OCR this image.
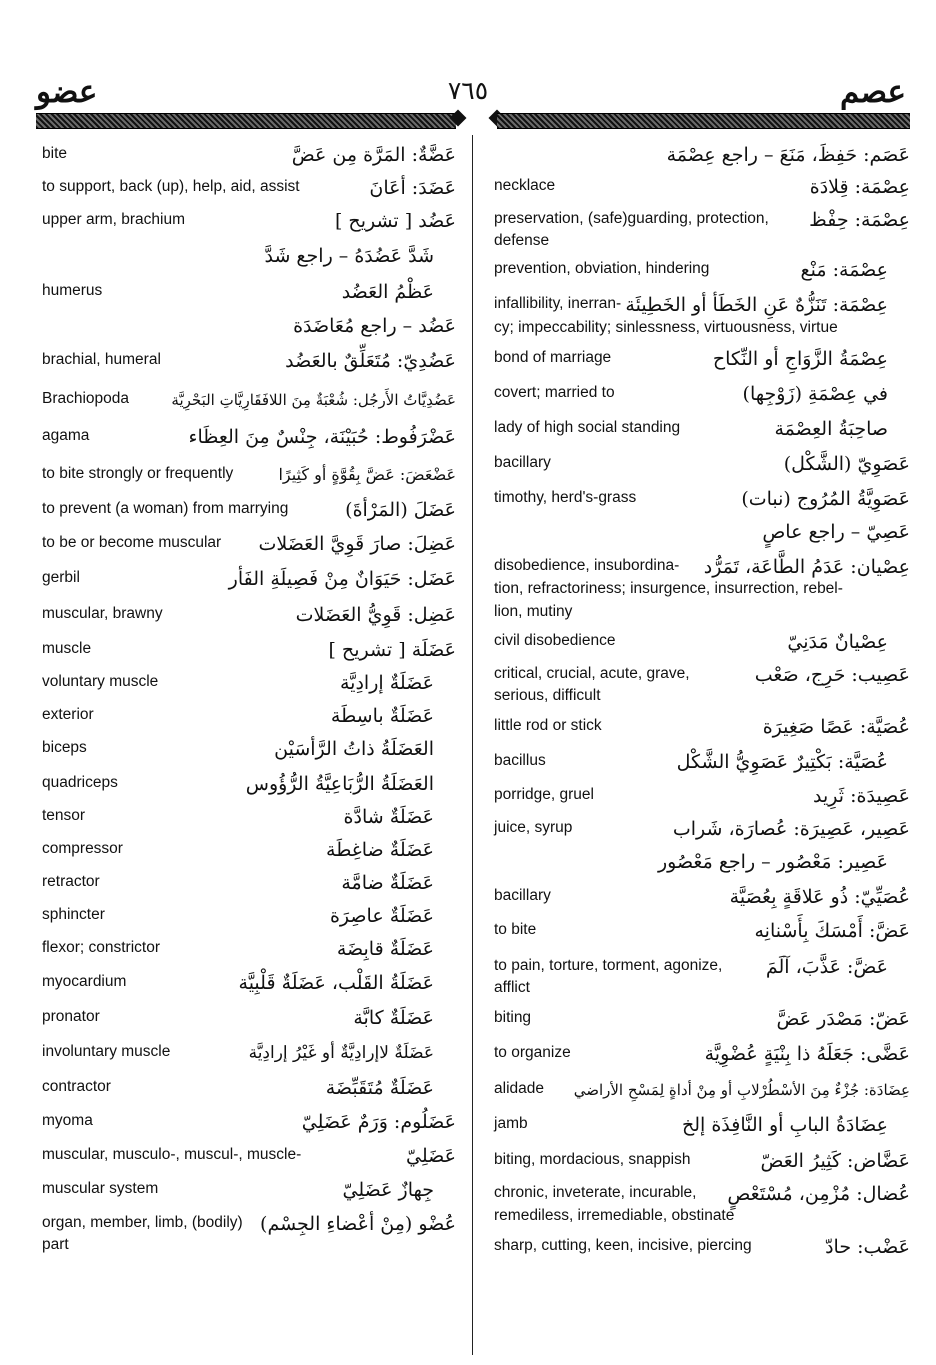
عضو	٧٦٥	عصم
bite	عَضَّةٌ: المَرَّة مِن عَضَّ
to support, back (up), help, aid, assist	عَضَدَ: أعَانَ
upper arm, brachium	عَضُد [ تشريح ]
شَدَّ عَضُدَهُ – راجع شَدَّ
humerus	عَظْمُ العَضُد
عَضُد – راجع مُعَاضَدَة
brachial, humeral	عَضُدِيّ: مُتَعَلِّقٌ بالعَضُد
Brachiopoda	عَضُدِيَّاتُ الأَرجُل: شُعْبَةٌ مِنَ اللافَقَارِيَّاتِ البَحْرِيَّة
agama	عَضْرَفُوط: حُبَيْنَة، جِنْسٌ مِنَ العِظَاء
to bite strongly or frequently	عَضْعَضَ: عَضَّ بِقُوَّةٍ أو كَثِيرًا
to prevent (a woman) from marrying	عَضَلَ (المَرْأةَ)
to be or become muscular عَضِلَ: صارَ قَوِيَّ العَضَلات
gerbil	عَضَل: حَيَوَانٌ مِنْ فَصِيلَةِ الفَأر
muscular, brawny	عَضِل: قَوِيُّ العَضَلات
muscle	عَضَلَة [ تشريح ]
voluntary muscle	عَضَلَةٌ إرادِيَّة
exterior	عَضَلَةٌ باسِطَة
biceps	العَضَلَةُ ذاتُ الرَّأسَيْن
quadriceps	العَضَلَةُ الرُّبَاعِيَّةُ الرُّؤُوس
tensor	عَضَلَةٌ شادَّة
compressor	عَضَلَةٌ ضاغِطَة
retractor	عَضَلَةٌ ضامَّة
sphincter	عَضَلَةٌ عاصِرَة
flexor; constrictor	عَضَلَةٌ قابِضَة
myocardium	عَضَلَةُ القَلْب، عَضَلَةٌ قَلْبِيَّة
pronator	عَضَلَةٌ كابَّة
involuntary muscle	عَضَلَةٌ لاإرادِيَّةٌ أو غَيْرُ إرادِيَّة
contractor	عَضَلَةٌ مُتَقَبِّضَة
myoma	عَضَلُوم: وَرَمٌ عَضَلِيّ
muscular, musculo-, muscul-, muscle-	عَضَلِيّ
muscular system	جِهازٌ عَضَلِيّ
organ, member, limb, (bodily)
part
عُضْو (مِنْ أعْضاءِ الجِسْم)
عَصَم: حَفِظَ، مَنَعَ – راجع عِصْمَة
necklace	عِصْمَة: قِلادَة
preservation, (safe)guarding, protection,
defense
عِصْمَة: حِفْظ
prevention, obviation, hindering	عِصْمَة: مَنْع
infallibility, inerran-
cy; impeccability; sinlessness, virtuousness, virtue
عِصْمَة: تَنَزُّهٌ عَنِ الخَطَأ أو الخَطِيئَة
bond of marriage	عِصْمَةُ الزَّوَاجِ أو النِّكاح
covert; married to	في عِصْمَةِ (زَوْجِها)
lady of high social standing	صاحِبَةُ العِصْمَة
bacillary	عَصَوِيّ (الشَّكْل)
timothy, herd's-grass	عَصَوِيَّةُ المُرُوج (نبات)
عَصِيّ – راجع عاصٍ
disobedience, insubordina-
tion, refractoriness; insurgence, insurrection, rebel-
lion, mutiny
عِصْيان: عَدَمُ الطَّاعَة، تَمَرُّد
civil disobedience	عِصْيانٌ مَدَنِيّ
critical, crucial, acute, grave,
serious, difficult
عَصِيب: حَرِج، صَعْب
little rod or stick	عُصَيَّة: عَصًا صَغِيرَة
bacillus	عُصَيَّة: بَكْتِيرٌ عَصَوِيُّ الشَّكْل
porridge, gruel	عَصِيدَة: ثَرِيد
juice, syrup	عَصِير، عَصِيرَة: عُصارَة، شَراب
عَصِير: مَعْصُور – راجع مَعْصُور
bacillary	عُصَيِّيّ: ذُو عَلاقَةٍ بِعُصَيَّة
to bite	عَضَّ: أَمْسَكَ بِأَسْنانِه
to pain, torture, torment, agonize,
afflict
عَضَّ: عَذَّبَ، آلَمَ
biting	عَضّ: مَصْدَر عَضَّ
to organize	عَضَّى: جَعَلَهُ ذا بِنْيَةٍ عُضْوِيَّة
alidade عِضَادَة: جُزْءٌ مِنَ الأسْطُرْلابِ أو مِنْ أداةٍ لِمَسْحِ الأراضي
jamb	عِضَادَةُ البابِ أو النَّافِذَة إلخ
biting, mordacious, snappish	عَضَّاض: كَثِيرُ العَضّ
chronic, inveterate, incurable,
remediless, irremediable, obstinate
عُضال: مُزْمِن، مُسْتَعْصٍ
sharp, cutting, keen, incisive, piercing	عَضْب: حادّ
